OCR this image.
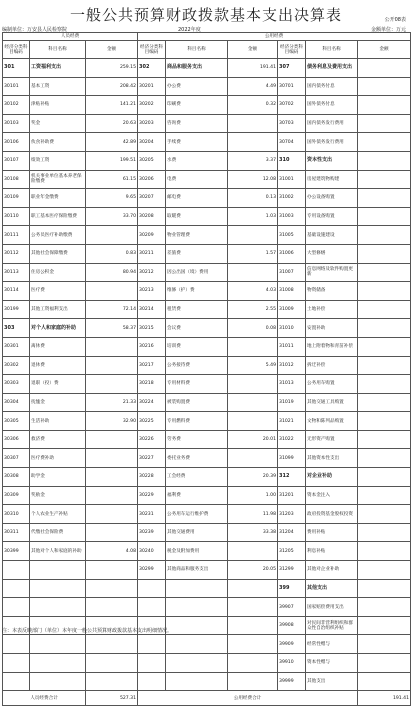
一般公共预算财政拨款基本支出决算表	公开08表
编制单位：万安县人民检察院	2022年度	金额单位：万元
人员经费			公用经费					
经济分类科目编码	科目名称	金额	经济分类科目编码	科目名称	金额	经济分类科目编码	科目名称	金额
301	工资福利支出	259.15	302	商品和服务支出	191.41	307	债务利息及费用支出	
30101	基本工资	208.42	30201	办公费	4.49	30701	国内债务付息	
30102	津贴补贴	141.21	30202	印刷费	0.32	30702	国外债务付息	
30103	奖金	20.63	30203	咨询费		30703	国内债务发行费用	
30106	伙食补助费	42.89	30204	手续费		30704	国外债务发行费用	
30107	绩效工资	199.51	30205	水费	3.37	310	资本性支出	
30108	机关事业单位基本养老保险缴费	61.15	30206	电费	12.08	31001	房屋建筑物购建	
30109	职业年金缴费	9.65	30207	邮电费	0.13	31002	办公设备购置	
30110	职工基本医疗保险缴费	33.70	30208	取暖费	1.03	31003	专用设备购置	
30111	公务员医疗补助缴费		30209	物业管理费		31005	基础设施建设	
30112	其他社会保障缴费	0.83	30211	差旅费	1.57	31006	大型修缮	
30113	住房公积金	80.94	30212	因公出国（境）费用		31007	信息网络及软件购置更新	
30114	医疗费		30213	维修（护）费	4.03	31008	物资储备	
30199	其他工资福利支出	72.14	30214	租赁费	2.55	31009	土地补偿	
303	对个人和家庭的补助	58.37	30215	会议费	0.08	31010	安置补助	
30301	离休费		30216	培训费		31011	地上附着物和青苗补偿	
30302	退休费		30217	公务接待费	5.49	31012	拆迁补偿	
30303	退职（役）费		30218	专用材料费		31013	公务用车购置	
30304	抚恤金	21.33	30224	被装购置费		31019	其他交通工具购置	
30305	生活补助	32.90	30225	专用燃料费		31021	文物和陈列品购置	
30306	救济费		30226	劳务费	20.01	31022	无形资产购置	
30307	医疗费补助		30227	委托业务费		31099	其他资本性支出	
30308	助学金		30228	工会经费	20.39	312	对企业补助	
30309	奖励金		30229	福利费	1.00	31201	资本金注入	
30310	个人农业生产补贴		30231	公务用车运行维护费	11.98	31203	政府投资基金股权投资	
30311	代缴社会保险费		30239	其他交通费用	33.38	31204	费用补贴	
30399	其他对个人和家庭的补助	4.08	30240	税金及附加费用		31205	利息补贴	
			30299	其他商品和服务支出	20.05	31299	其他对企业补助	
						399	其他支出	
						39907	国家赔偿费用支出	
						39908	对民间非营利组织和群众性自治组织补贴	
						39909	经常性赠与	
						39910	资本性赠与	
						39999	其他支出	
人员经费合计		527.31	公用经费合计					191.41
注：本表反映部门（单位）本年度一般公共预算财政拨款基本支出明细情况。
